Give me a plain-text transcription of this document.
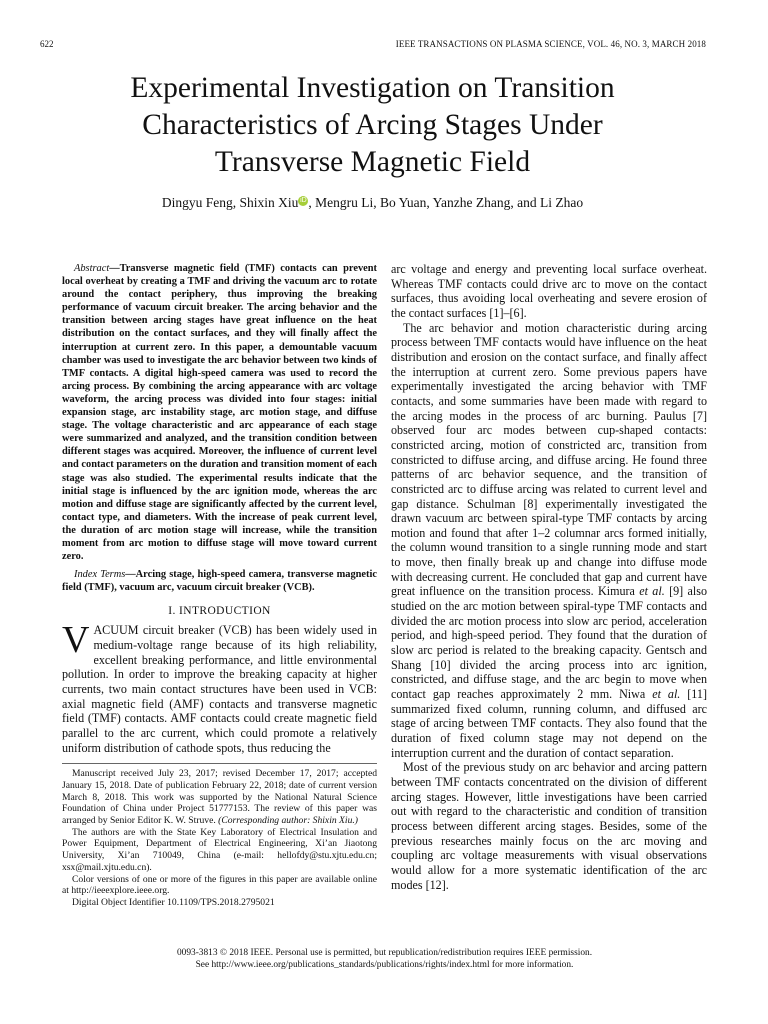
622	IEEE TRANSACTIONS ON PLASMA SCIENCE, VOL. 46, NO. 3, MARCH 2018
Experimental Investigation on Transition
Characteristics of Arcing Stages Under
Transverse Magnetic Field
Dingyu Feng, Shixin Xiu iD , Mengru Li, Bo Yuan, Yanzhe Zhang, and Li Zhao

Abstract—Transverse magnetic field (TMF) contacts can prevent local overheat by creating a TMF and driving the vacuum arc to rotate around the contact periphery, thus improving the breaking performance of vacuum circuit breaker. The arcing behavior and the transition between arcing stages have great influence on the heat distribution on the contact surfaces, and they will finally affect the interruption at current zero. In this paper, a demountable vacuum chamber was used to investigate the arc behavior between two kinds of TMF contacts. A digital high-speed camera was used to record the arcing process. By combining the arcing appearance with arc voltage waveform, the arcing process was divided into four stages: initial expansion stage, arc instability stage, arc motion stage, and diffuse stage. The voltage characteristic and arc appearance of each stage were summarized and analyzed, and the transition condition between different stages was acquired. Moreover, the influence of current level and contact parameters on the duration and transition moment of each stage was also studied. The experimental results indicate that the initial stage is influenced by the arc ignition mode, whereas the arc motion and diffuse stage are significantly affected by the current level, contact type, and diameters. With the increase of peak current level, the duration of arc motion stage will increase, while the transition moment from arc motion to diffuse stage will move toward current zero.

Index Terms—Arcing stage, high-speed camera, transverse magnetic field (TMF), vacuum arc, vacuum circuit breaker (VCB).

I. INTRODUCTION

VACUUM circuit breaker (VCB) has been widely used in medium-voltage range because of its high reliability, excellent breaking performance, and little environmental pollution. In order to improve the breaking capacity at higher currents, two main contact structures have been used in VCB: axial magnetic field (AMF) contacts and transverse magnetic field (TMF) contacts. AMF contacts could create magnetic field parallel to the arc current, which could promote a relatively uniform distribution of cathode spots, thus reducing the

Manuscript received July 23, 2017; revised December 17, 2017; accepted January 15, 2018. Date of publication February 22, 2018; date of current version March 8, 2018. This work was supported by the National Natural Science Foundation of China under Project 51777153. The review of this paper was arranged by Senior Editor K. W. Struve. (Corresponding author: Shixin Xiu.)

The authors are with the State Key Laboratory of Electrical Insulation and Power Equipment, Department of Electrical Engineering, Xi’an Jiaotong University, Xi’an 710049, China (e-mail: hellofdy@stu.xjtu.edu.cn; xsx@mail.xjtu.edu.cn).

Color versions of one or more of the figures in this paper are available online at http://ieeexplore.ieee.org.

Digital Object Identifier 10.1109/TPS.2018.2795021

arc voltage and energy and preventing local surface overheat. Whereas TMF contacts could drive arc to move on the contact surfaces, thus avoiding local overheating and severe erosion of the contact surfaces [1]–[6].

The arc behavior and motion characteristic during arcing process between TMF contacts would have influence on the heat distribution and erosion on the contact surface, and finally affect the interruption at current zero. Some previous papers have experimentally investigated the arcing behavior with TMF contacts, and some summaries have been made with regard to the arcing modes in the process of arc burning. Paulus [7] observed four arc modes between cup-shaped contacts: constricted arcing, motion of constricted arc, transition from constricted to diffuse arcing, and diffuse arcing. He found three patterns of arc behavior sequence, and the transition of constricted arc to diffuse arcing was related to current level and gap distance. Schulman [8] experimentally investigated the drawn vacuum arc between spiral-type TMF contacts by arcing motion and found that after 1–2 columnar arcs formed initially, the column wound transition to a single running mode and start to move, then finally break up and change into diffuse mode with decreasing current. He concluded that gap and current have great influence on the transition process. Kimura et al. [9] also studied on the arc motion between spiral-type TMF contacts and divided the arc motion process into slow arc period, acceleration period, and high-speed period. They found that the duration of slow arc period is related to the breaking capacity. Gentsch and Shang [10] divided the arcing process into arc ignition, constricted, and diffuse stage, and the arc begin to move when contact gap reaches approximately 2 mm. Niwa et al. [11] summarized fixed column, running column, and diffused arc stage of arcing between TMF contacts. They also found that the duration of fixed column stage may not depend on the interruption current and the duration of contact separation.

Most of the previous study on arc behavior and arcing pattern between TMF contacts concentrated on the division of different arcing stages. However, little investigations have been carried out with regard to the characteristic and condition of transition process between different arcing stages. Besides, some of the previous researches mainly focus on the arc moving and coupling arc voltage measurements with visual observations would allow for a more systematic identification of the arc modes [12].

0093-3813 © 2018 IEEE. Personal use is permitted, but republication/redistribution requires IEEE permission.
See http://www.ieee.org/publications_standards/publications/rights/index.html for more information.
